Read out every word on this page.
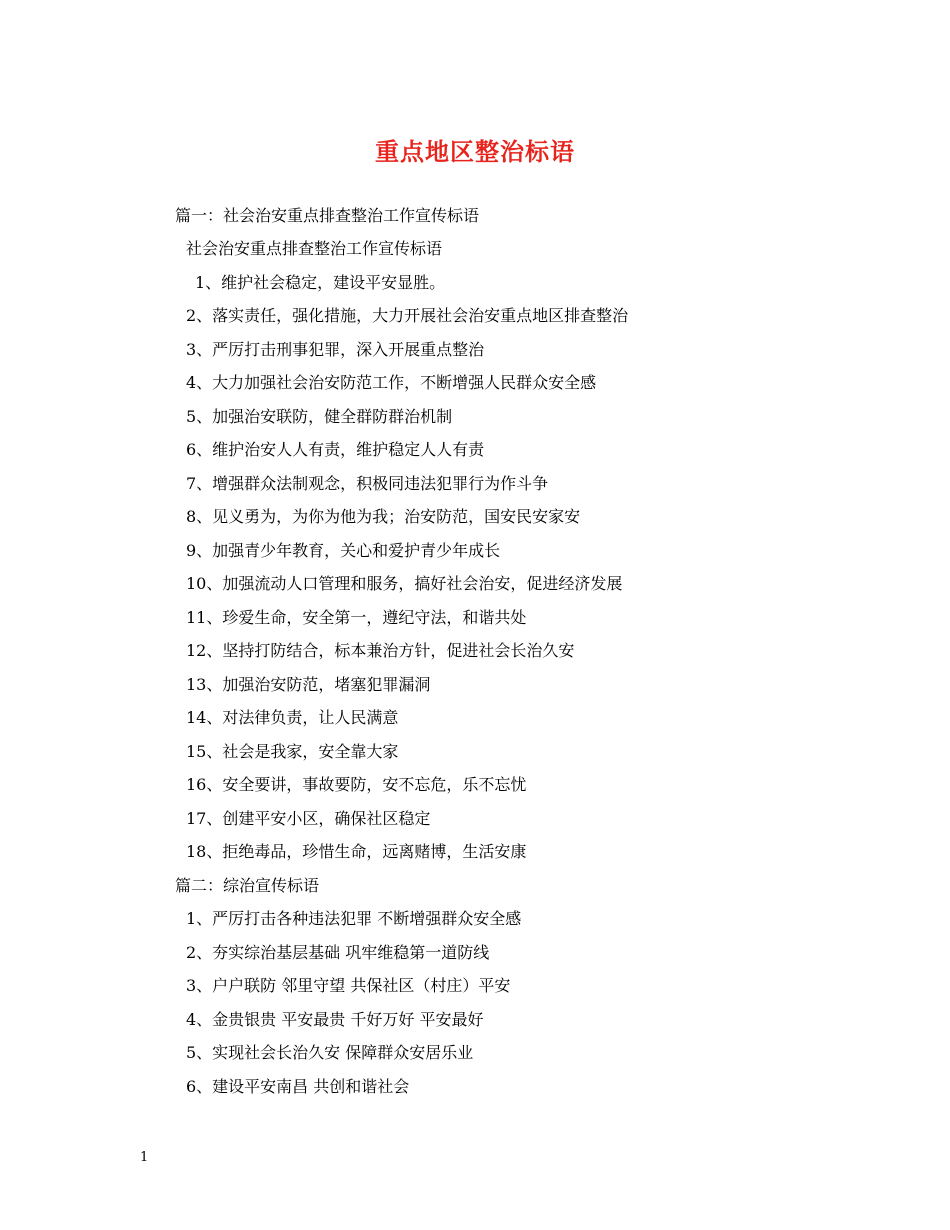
重点地区整治标语
篇一：社会治安重点排查整治工作宣传标语
社会治安重点排查整治工作宣传标语
1、维护社会稳定，建设平安显胜。
2、落实责任，强化措施，大力开展社会治安重点地区排查整治
3、严厉打击刑事犯罪，深入开展重点整治
4、大力加强社会治安防范工作，不断增强人民群众安全感
5、加强治安联防，健全群防群治机制
6、维护治安人人有责，维护稳定人人有责
7、增强群众法制观念，积极同违法犯罪行为作斗争
8、见义勇为，为你为他为我；治安防范，国安民安家安
9、加强青少年教育，关心和爱护青少年成长
10、加强流动人口管理和服务，搞好社会治安，促进经济发展
11、珍爱生命，安全第一，遵纪守法，和谐共处
12、坚持打防结合，标本兼治方针，促进社会长治久安
13、加强治安防范，堵塞犯罪漏洞
14、对法律负责，让人民满意
15、社会是我家，安全靠大家
16、安全要讲，事故要防，安不忘危，乐不忘忧
17、创建平安小区，确保社区稳定
18、拒绝毒品，珍惜生命，远离赌博，生活安康
篇二：综治宣传标语
1、严厉打击各种违法犯罪 不断增强群众安全感
2、夯实综治基层基础 巩牢维稳第一道防线
3、户户联防 邻里守望 共保社区（村庄）平安
4、金贵银贵 平安最贵 千好万好 平安最好
5、实现社会长治久安 保障群众安居乐业
6、建设平安南昌 共创和谐社会
1
